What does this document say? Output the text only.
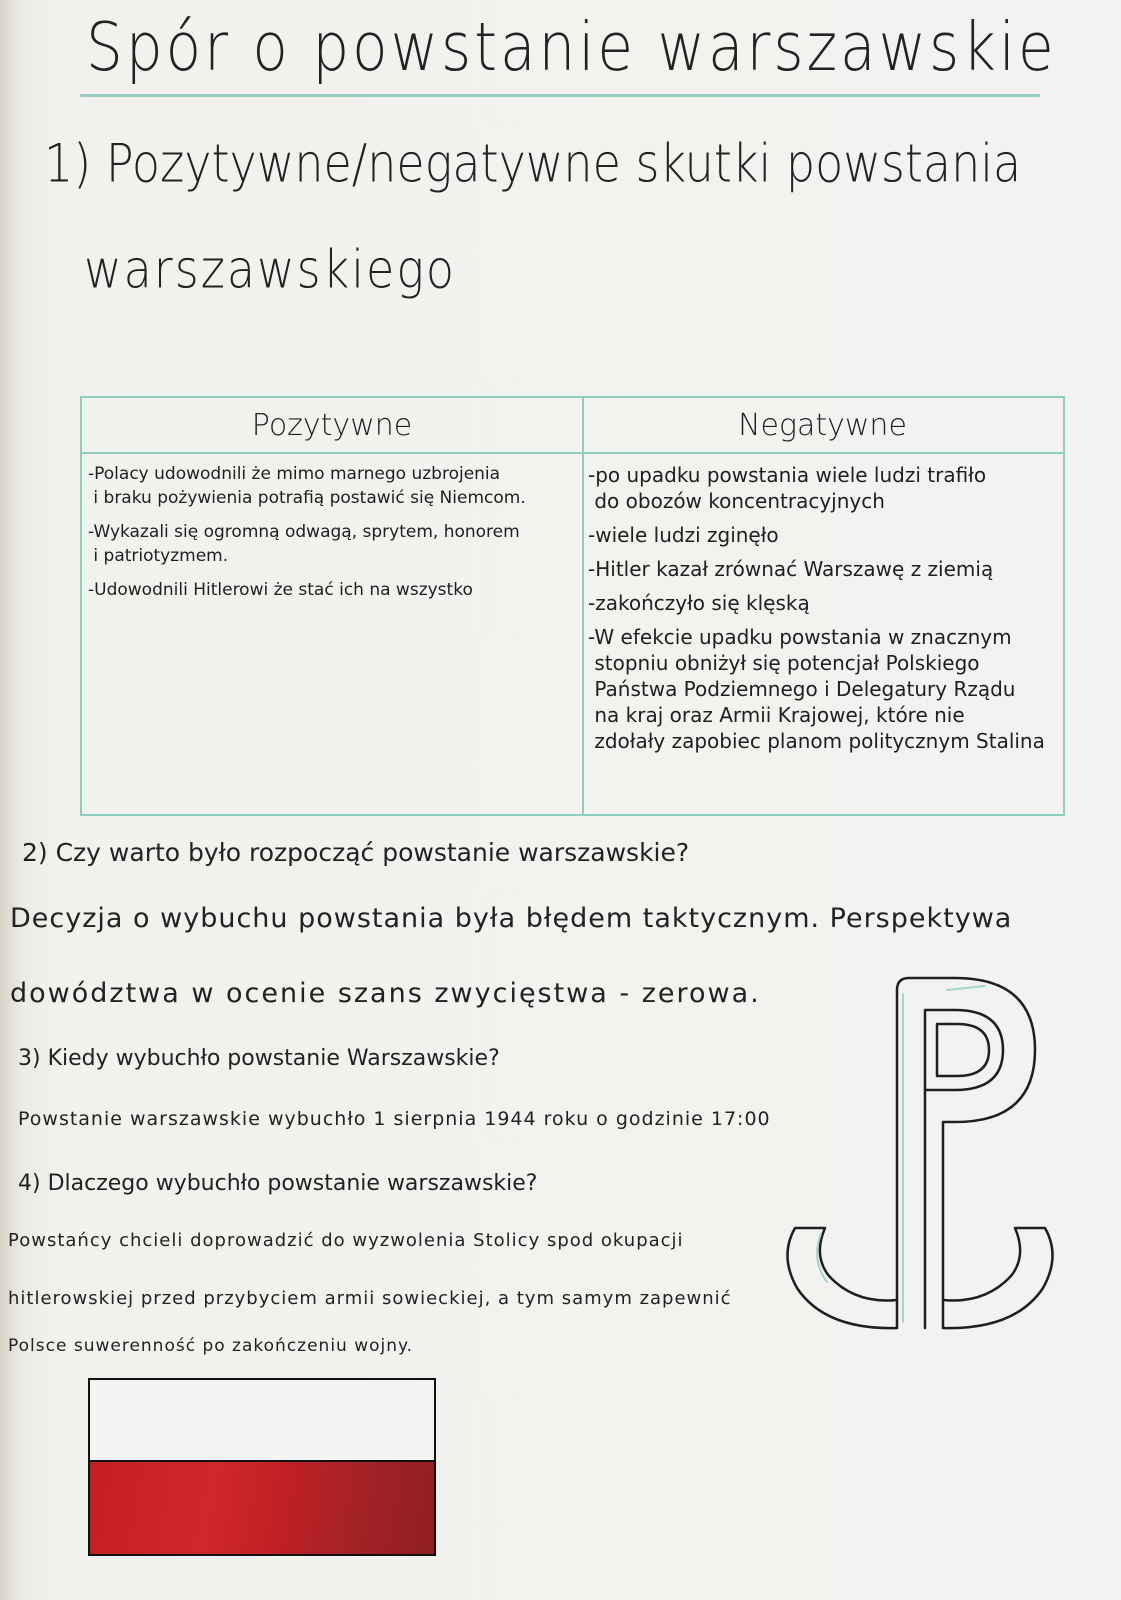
Spór o powstanie warszawskie
1) Pozytywne/negatywne skutki powstania
warszawskiego
Pozytywne

-Polacy udowodnili że mimo marnego uzbrojenia
i braku pożywienia potrafią postawić się Niemcom.

-Wykazali się ogromną odwagą, sprytem, honorem
i patriotyzmem.

-Udowodnili Hitlerowi że stać ich na wszystko

Negatywne

-po upadku powstania wiele ludzi trafiło
do obozów koncentracyjnych

-wiele ludzi zginęło

-Hitler kazał zrównać Warszawę z ziemią

-zakończyło się klęską

-W efekcie upadku powstania w znacznym
stopniu obniżył się potencjał Polskiego
Państwa Podziemnego i Delegatury Rządu
na kraj oraz Armii Krajowej, które nie
zdołały zapobiec planom politycznym Stalina

2) Czy warto było rozpocząć powstanie warszawskie?

Decyzja o wybuchu powstania była błędem taktycznym. Perspektywa

dowództwa w ocenie szans zwycięstwa - zerowa.

3) Kiedy wybuchło powstanie Warszawskie?

Powstanie warszawskie wybuchło 1 sierpnia 1944 roku o godzinie 17:00

4) Dlaczego wybuchło powstanie warszawskie?

Powstańcy chcieli doprowadzić do wyzwolenia Stolicy spod okupacji

hitlerowskiej przed przybyciem armii sowieckiej, a tym samym zapewnić

Polsce suwerenność po zakończeniu wojny.
